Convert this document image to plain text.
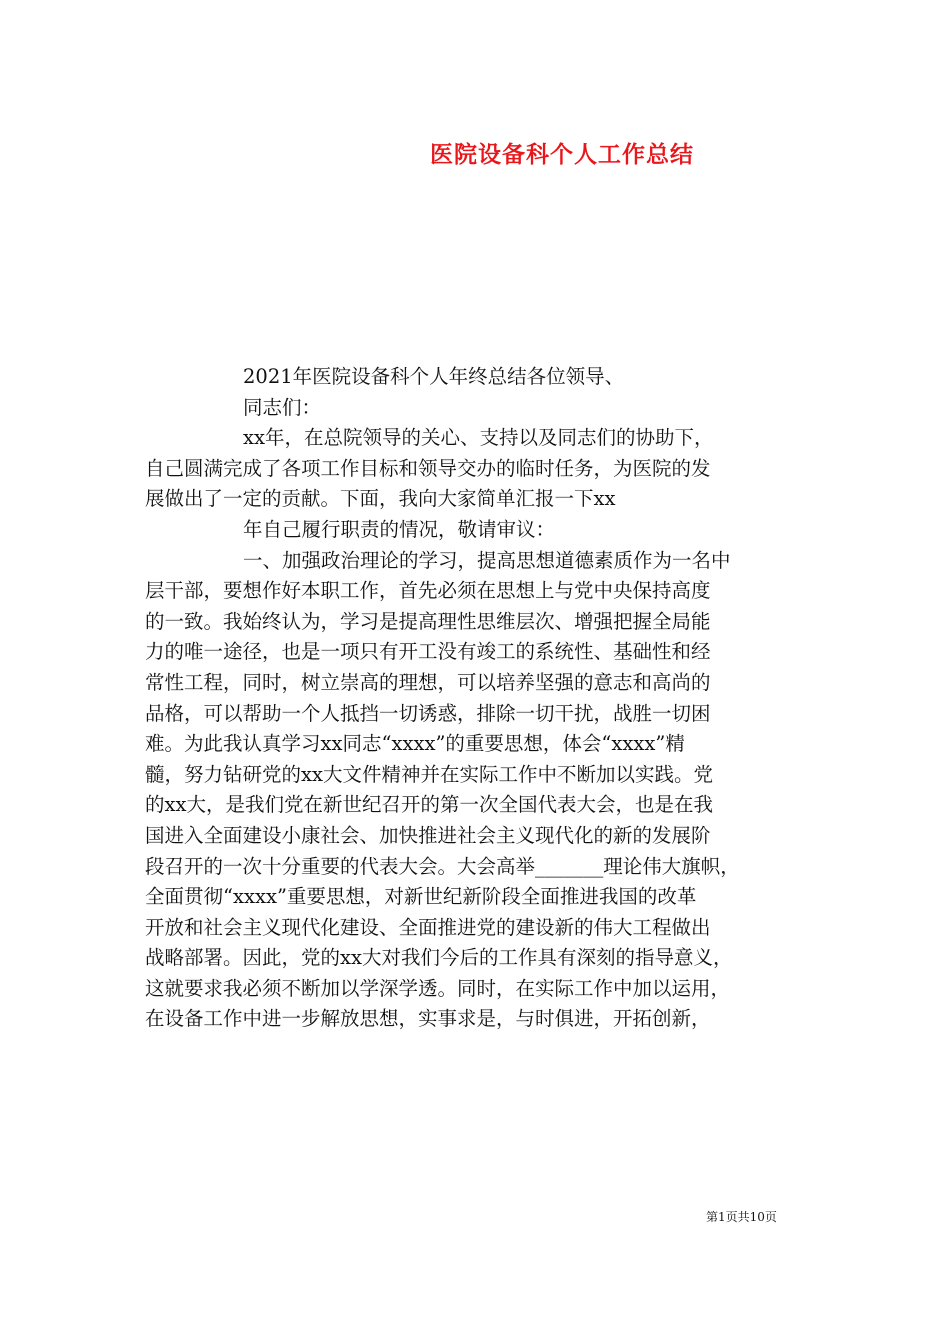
医院设备科个人工作总结
2021年医院设备科个人年终总结各位领导、
同志们：
xx年，在总院领导的关心、支持以及同志们的协助下，
自己圆满完成了各项工作目标和领导交办的临时任务，为医院的发
展做出了一定的贡献。下面，我向大家简单汇报一下xx
年自己履行职责的情况，敬请审议：
一、加强政治理论的学习，提高思想道德素质作为一名中
层干部，要想作好本职工作，首先必须在思想上与党中央保持高度
的一致。我始终认为，学习是提高理性思维层次、增强把握全局能
力的唯一途径，也是一项只有开工没有竣工的系统性、基础性和经
常性工程，同时，树立崇高的理想，可以培养坚强的意志和高尚的
品格，可以帮助一个人抵挡一切诱惑，排除一切干扰，战胜一切困
难。为此我认真学习xx同志“xxxx”的重要思想，体会“xxxx”精
髓，努力钻研党的xx大文件精神并在实际工作中不断加以实践。党
的xx大，是我们党在新世纪召开的第一次全国代表大会，也是在我
国进入全面建设小康社会、加快推进社会主义现代化的新的发展阶
段召开的一次十分重要的代表大会。大会高举_______理论伟大旗帜，
全面贯彻“xxxx”重要思想，对新世纪新阶段全面推进我国的改革
开放和社会主义现代化建设、全面推进党的建设新的伟大工程做出
战略部署。因此，党的xx大对我们今后的工作具有深刻的指导意义，
这就要求我必须不断加以学深学透。同时，在实际工作中加以运用，
在设备工作中进一步解放思想，实事求是，与时俱进，开拓创新，
第1页共10页
